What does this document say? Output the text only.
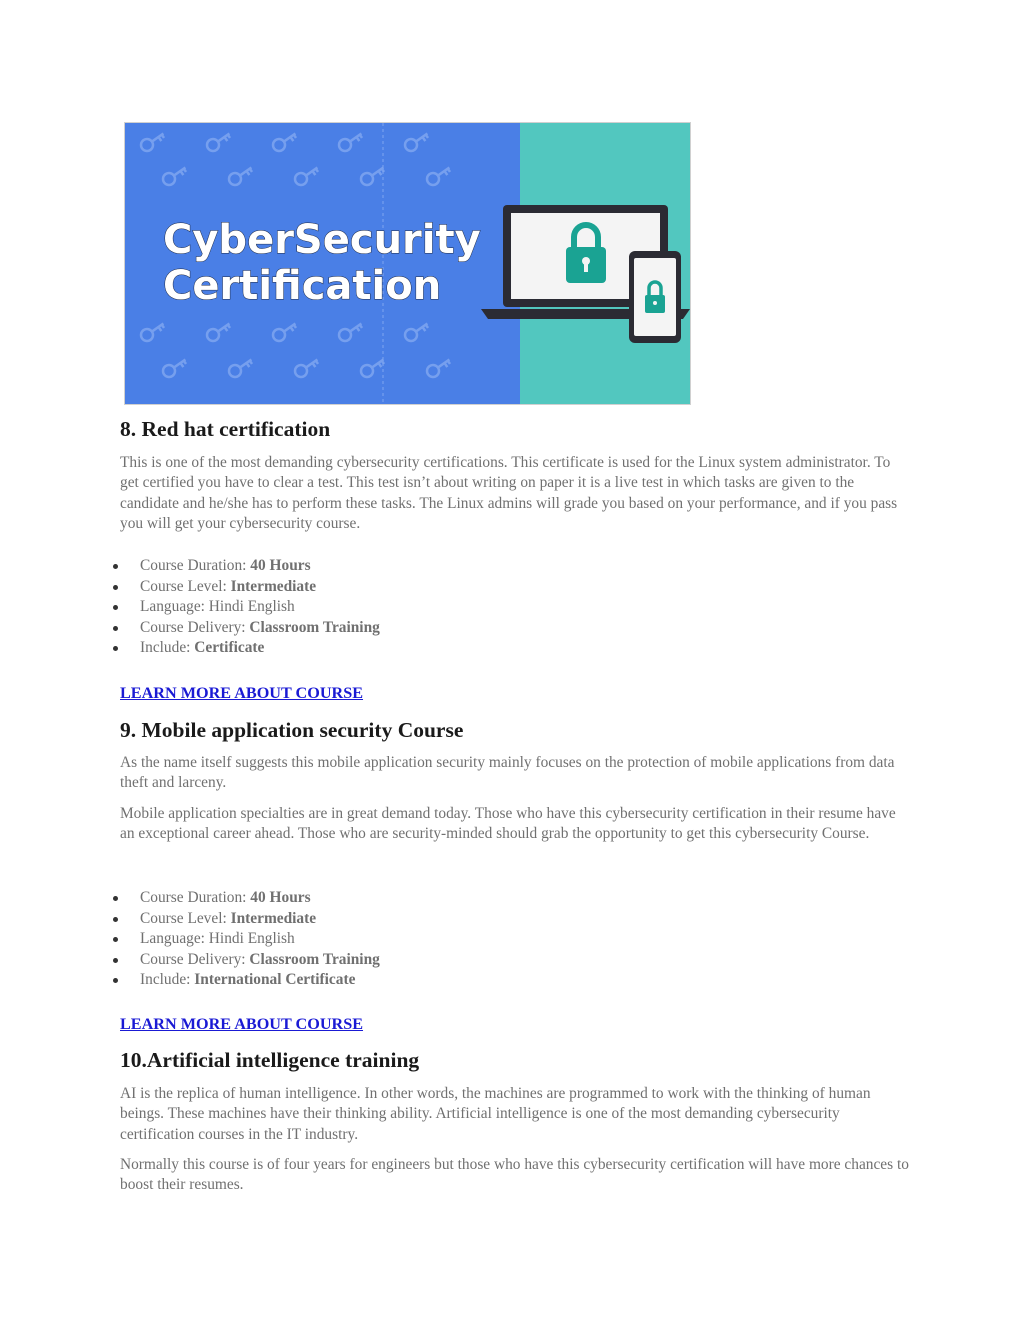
CyberSecurity
Certification
8. Red hat certification

This is one of the most demanding cybersecurity certifications. This certificate is used for the Linux system administrator. To get certified you have to clear a test. This test isn’t about writing on paper it is a live test in which tasks are given to the candidate and he/she has to perform these tasks. The Linux admins will grade you based on your performance, and if you pass you will get your cybersecurity course.

Course Duration: 40 Hours
Course Level: Intermediate
Language: Hindi English
Course Delivery: Classroom Training
Include: Certificate
LEARN MORE ABOUT COURSE
9. Mobile application security Course

As the name itself suggests this mobile application security mainly focuses on the protection of mobile applications from data theft and larceny.

Mobile application specialties are in great demand today. Those who have this cybersecurity certification in their resume have an exceptional career ahead. Those who are security-minded should grab the opportunity to get this cybersecurity Course.

Course Duration: 40 Hours
Course Level: Intermediate
Language: Hindi English
Course Delivery: Classroom Training
Include: International Certificate
LEARN MORE ABOUT COURSE
10.Artificial intelligence training

AI is the replica of human intelligence. In other words, the machines are programmed to work with the thinking of human beings. These machines have their thinking ability. Artificial intelligence is one of the most demanding cybersecurity certification courses in the IT industry.

Normally this course is of four years for engineers but those who have this cybersecurity certification will have more chances to boost their resumes.
